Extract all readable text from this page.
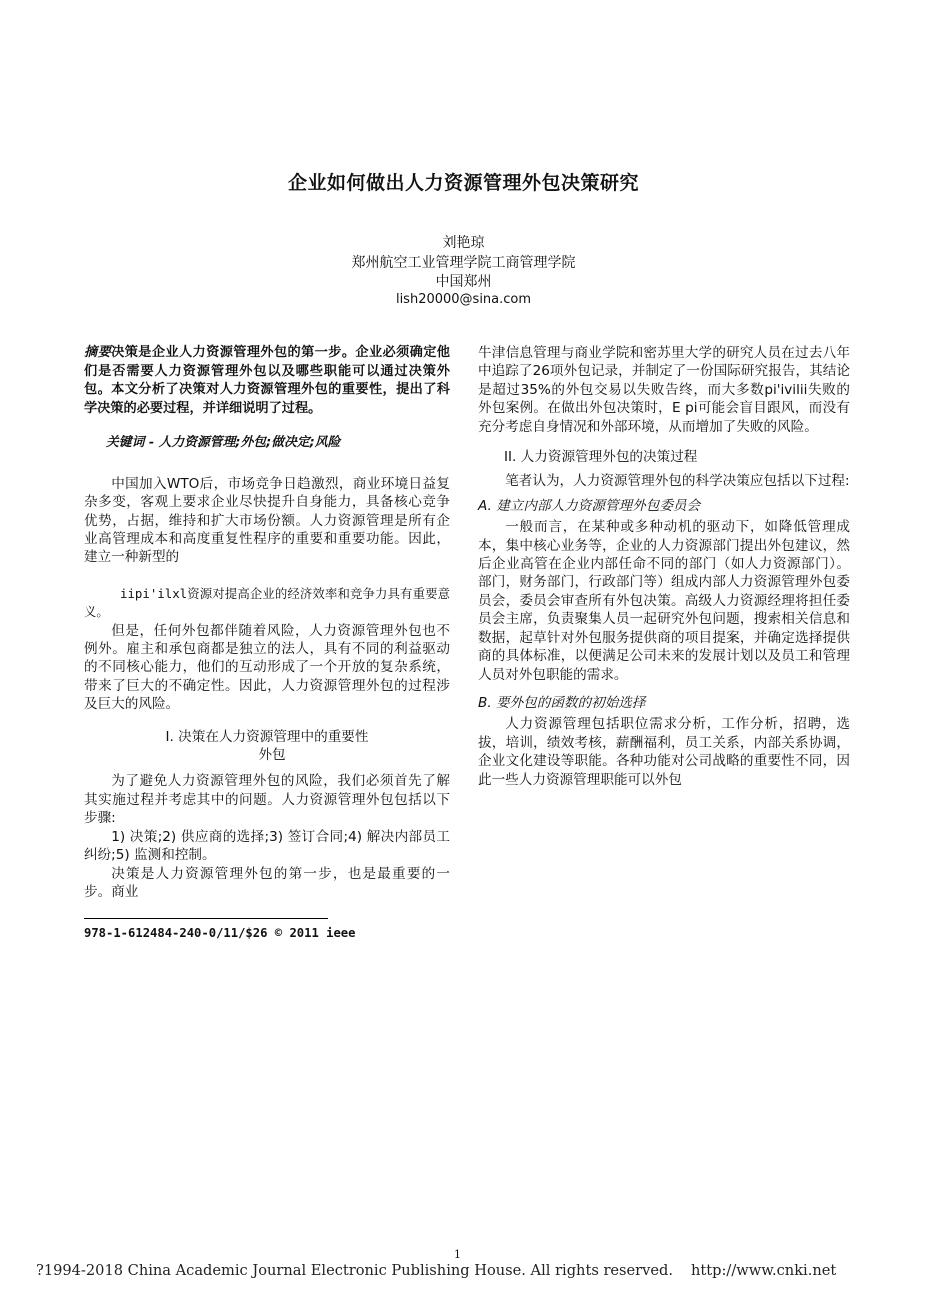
企业如何做出人力资源管理外包决策研究
刘艳琼
郑州航空工业管理学院工商管理学院
中国郑州
lish20000@sina.com

摘要决策是企业人力资源管理外包的第一步。企业必须确定他们是否需要人力资源管理外包以及哪些职能可以通过决策外包。本文分析了决策对人力资源管理外包的重要性，提出了科学决策的必要过程，并详细说明了过程。

关键词 - 人力资源管理;外包;做决定;风险

中国加入WTO后，市场竞争日趋激烈，商业环境日益复杂多变，客观上要求企业尽快提升自身能力，具备核心竞争优势，占据，维持和扩大市场份额。人力资源管理是所有企业高管理成本和高度重复性程序的重要和重要功能。因此，建立一种新型的

iipi'ilxl资源对提高企业的经济效率和竞争力具有重要意义。

但是，任何外包都伴随着风险，人力资源管理外包也不例外。雇主和承包商都是独立的法人，具有不同的利益驱动的不同核心能力，他们的互动形成了一个开放的复杂系统，带来了巨大的不确定性。因此，人力资源管理外包的过程涉及巨大的风险。

I. 决策在人力资源管理中的重要性
外包

为了避免人力资源管理外包的风险，我们必须首先了解其实施过程并考虑其中的问题。人力资源管理外包包括以下步骤:

1) 决策;2) 供应商的选择;3) 签订合同;4) 解决内部员工纠纷;5) 监测和控制。

决策是人力资源管理外包的第一步，也是最重要的一步。商业

978-1-612484-240-0/11/$26 © 2011 ieee

牛津信息管理与商业学院和密苏里大学的研究人员在过去八年中追踪了26项外包记录，并制定了一份国际研究报告，其结论是超过35%的外包交易以失败告终，而大多数pi'ivilii失败的外包案例。在做出外包决策时，E pi可能会盲目跟风，而没有充分考虑自身情况和外部环境，从而增加了失败的风险。

II. 人力资源管理外包的决策过程

笔者认为，人力资源管理外包的科学决策应包括以下过程:

A. 建立内部人力资源管理外包委员会

一般而言，在某种或多种动机的驱动下，如降低管理成本，集中核心业务等，企业的人力资源部门提出外包建议，然后企业高管在企业内部任命不同的部门（如人力资源部门）。部门，财务部门，行政部门等）组成内部人力资源管理外包委员会，委员会审查所有外包决策。高级人力资源经理将担任委员会主席，负责聚集人员一起研究外包问题，搜索相关信息和数据，起草针对外包服务提供商的项目提案，并确定选择提供商的具体标准，以便满足公司未来的发展计划以及员工和管理人员对外包职能的需求。

B. 要外包的函数的初始选择

人力资源管理包括职位需求分析，工作分析，招聘，选拔，培训，绩效考核，薪酬福利，员工关系，内部关系协调，企业文化建设等职能。各种功能对公司战略的重要性不同，因此一些人力资源管理职能可以外包

1
?1994-2018 China Academic Journal Electronic Publishing House. All rights reserved. http://www.cnki.net
